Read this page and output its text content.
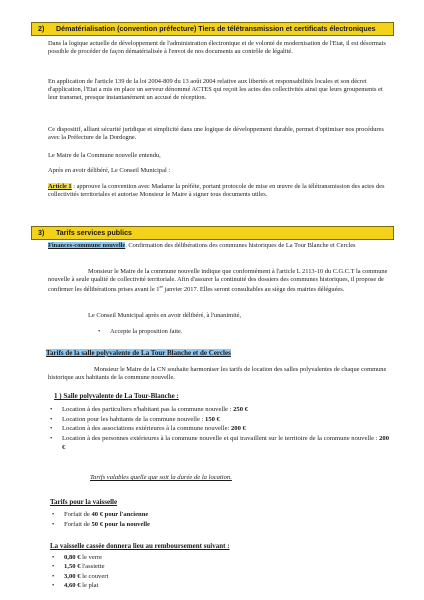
2) Dématérialisation (convention préfecture) Tiers de télétransmission et certificats électroniques
Dans la logique actuelle de développement de l'administration électronique et de volonté de modernisation de l'Etat, il est désormais possible de procéder de façon dématérialisée à l'envoi de nos documents au contrôle de légalité.
En application de l'article 139 de la loi 2004-809 du 13 août 2004 relative aux libertés et responsabilités locales et son décret d'application, l'Etat a mis en place un serveur dénommé ACTES qui reçoit les actes des collectivités ainsi que leurs groupements et leur transmet, presque instantanément un accusé de réception.
Ce dispositif, alliant sécurité juridique et simplicité dans une logique de développement durable, permet d'optimiser nos procédures avec la Préfecture de la Dordogne.
Le Maire de la Commune nouvelle entendu,
Après en avoir délibéré, Le Conseil Municipal :
Article 1 : approuve la convention avec Madame la préfète, portant protocole de mise en œuvre de la télétransmission des actes des collectivités territoriales et autorise Monsieur le Maire à signer tous documents utiles.
3) Tarifs services publics
Finances-commune nouvelle. Confirmation des délibérations des communes historiques de La Tour Blanche et Cercles
Monsieur le Maire de la commune nouvelle indique que conformément à l'article L 2113-10 du C.G.C.T la commune nouvelle à seule qualité de collectivité territoriale. Afin d'assurer la continuité des dossiers des communes historiques, il propose de confirmer les délibérations prises avant le 1er janvier 2017. Elles seront consultables au siège des mairies déléguées.
Le Conseil Municipal après en avoir délibéré, à l'unanimité,
• Accepte la proposition faite.
Tarifs de la salle polyvalente de La Tour Blanche et de Cercles
Monsieur le Maire de la CN souhaite harmoniser les tarifs de location des salles polyvalentes de chaque commune historique aux habitants de la commune nouvelle.
1 ) Salle polyvalente de La Tour-Blanche :
• Location à des particuliers n'habitant pas la commune nouvelle : 250 €
• Location pour les habitants de la commune nouvelle : 150 €
• Location à des associations extérieures à la commune nouvelle: 200 €
• Location à des personnes extérieures à la commune nouvelle et qui travaillent sur le territoire de la commune nouvelle : 200 €
Tarifs valables quelle que soit la durée de la location.
Tarifs pour la vaisselle
• Forfait de 40 € pour l'ancienne
• Forfait de 50 € pour la nouvelle
La vaisselle cassée donnera lieu au remboursement suivant :
• 0,80 € le verre
• 1,50 € l'assiette
• 3,00 € le couvert
• 4,60 € le plat
